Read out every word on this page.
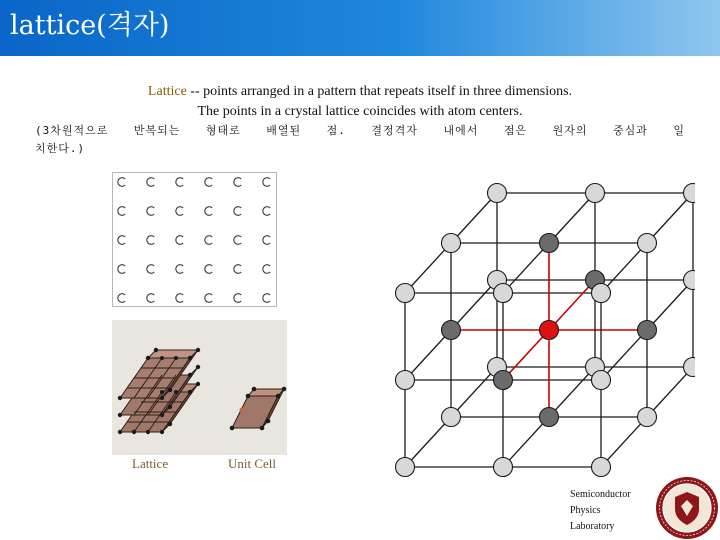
lattice(격자)
Lattice -- points arranged in a pattern that repeats itself in three dimensions.
The points in a crystal lattice coincides with atom centers.
(3차원적으로 반복되는 형태로 배열된 점. 결정격자 내에서 점은 원자의 중심과 일
치한다.)
Lattice	Unit Cell
Semiconductor
Physics
Laboratory
